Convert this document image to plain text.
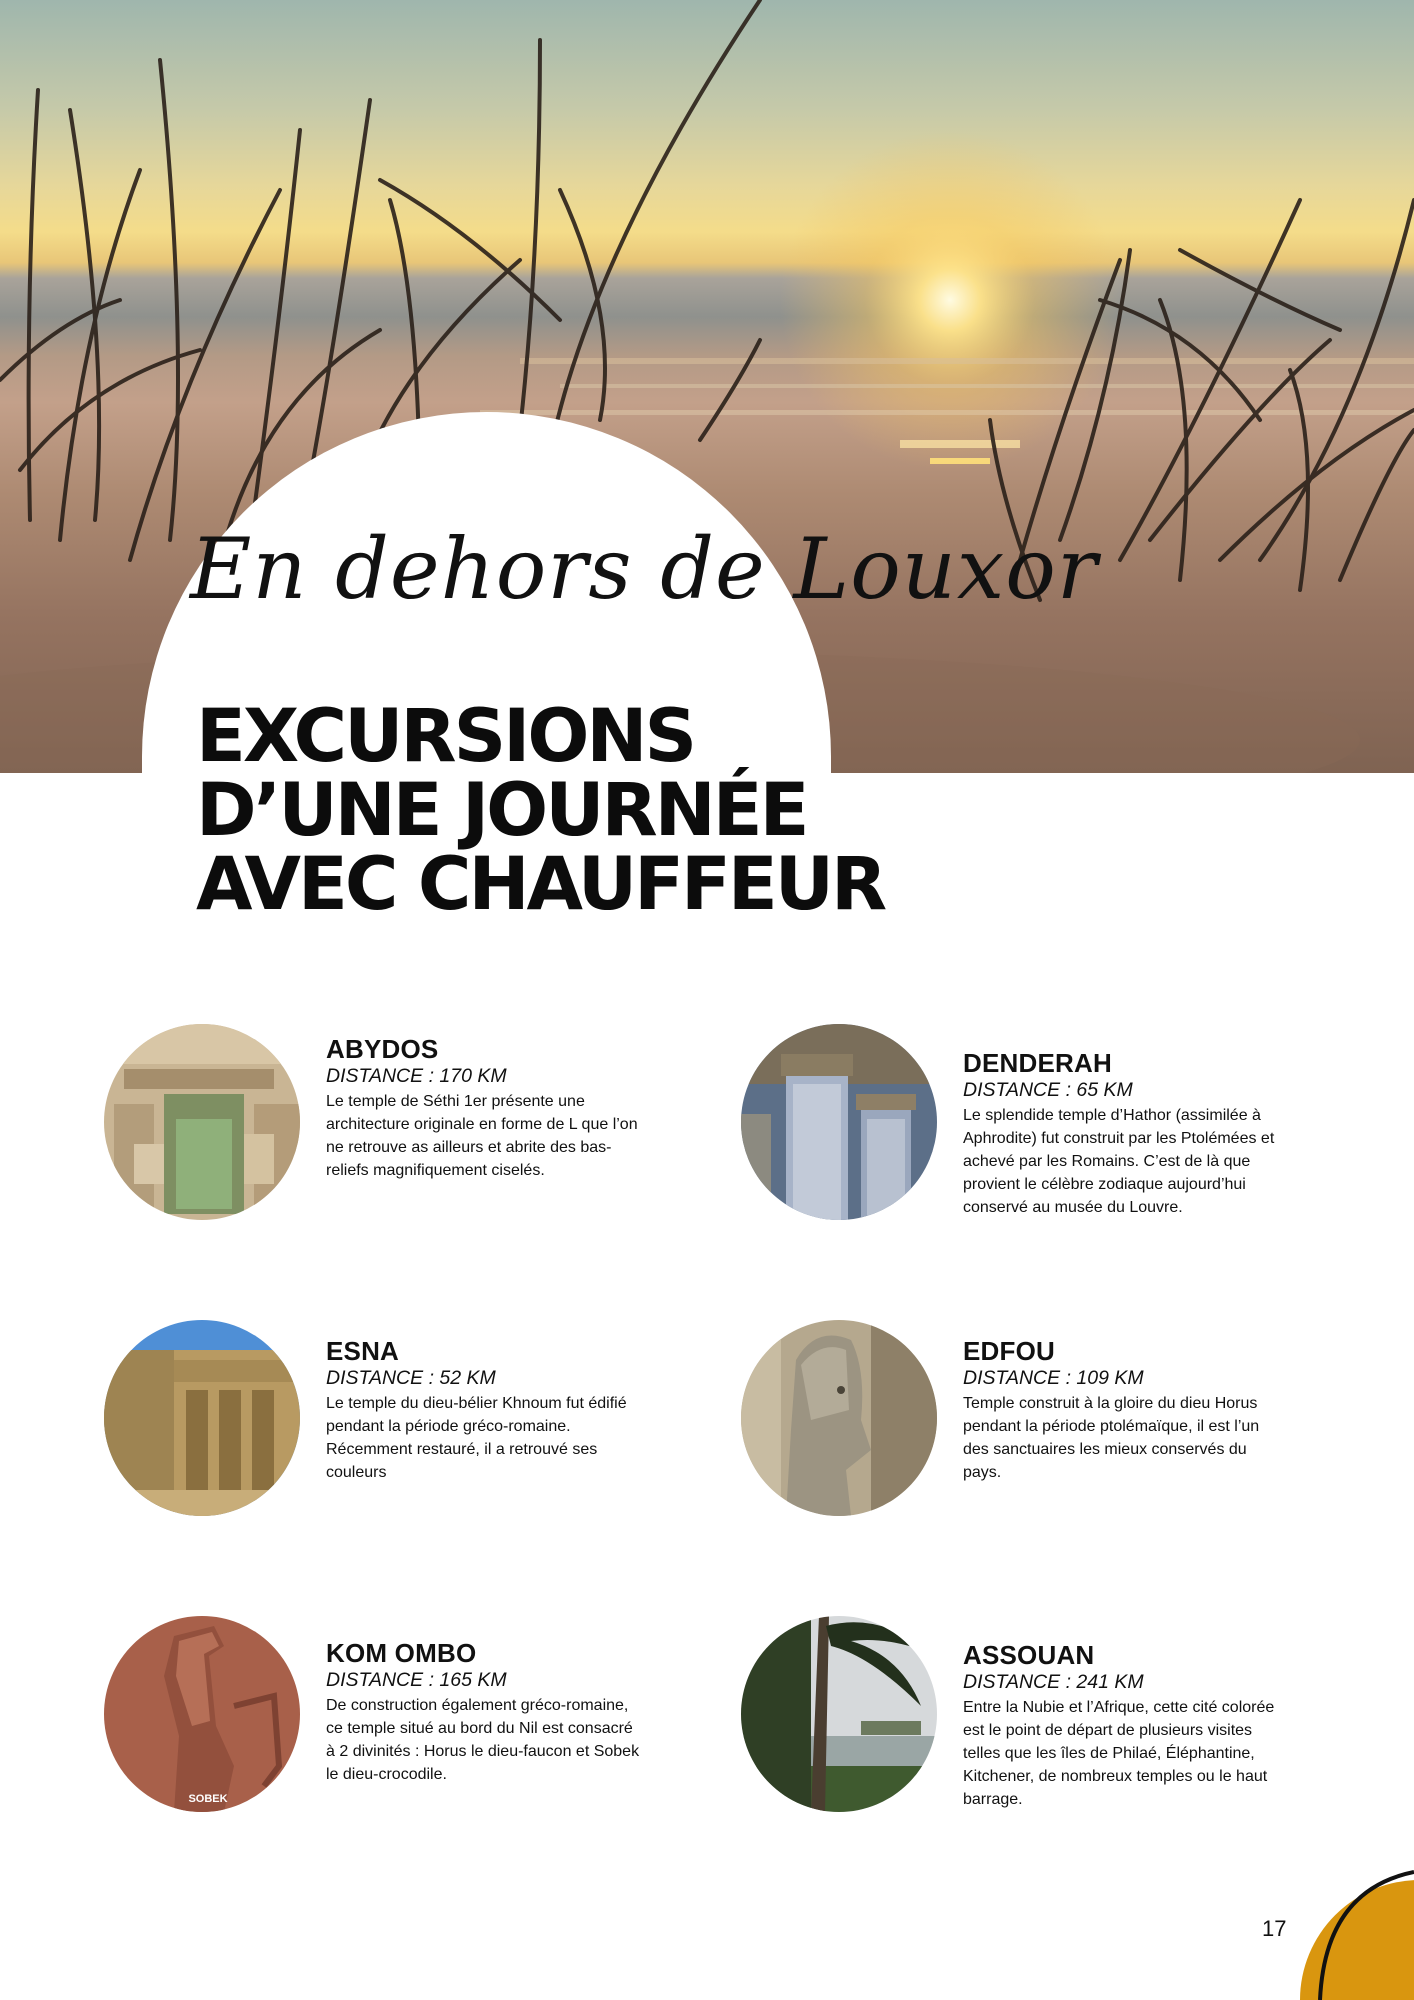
En dehors de Louxor
EXCURSIONS
D’UNE JOURNÉE
AVEC CHAUFFEUR
ABYDOS
DISTANCE : 170 KM

Le temple de Séthi 1er présente une architecture originale en forme de L que l’on ne retrouve as ailleurs et abrite des bas-reliefs magnifiquement ciselés.

DENDERAH
DISTANCE : 65 KM

Le splendide temple d’Hathor (assimilée à Aphrodite) fut construit par les Ptolémées et achevé par les Romains. C’est de là que provient le célèbre zodiaque aujourd’hui conservé au musée du Louvre.

ESNA
DISTANCE : 52 KM

Le temple du dieu-bélier Khnoum fut édifié pendant la période gréco-romaine. Récemment restauré, il a retrouvé ses couleurs

EDFOU
DISTANCE : 109 KM

Temple construit à la gloire du dieu Horus pendant la période ptolémaïque, il est l’un des sanctuaires les mieux conservés du pays.

SOBEK
KOM OMBO
DISTANCE : 165 KM

De construction également gréco-romaine, ce temple situé au bord du Nil est consacré à 2 divinités : Horus le dieu-faucon et Sobek le dieu-crocodile.

ASSOUAN
DISTANCE : 241 KM

Entre la Nubie et l’Afrique, cette cité colorée est le point de départ de plusieurs visites telles que les îles de Philaé, Éléphantine, Kitchener, de nombreux temples ou le haut barrage.

17
